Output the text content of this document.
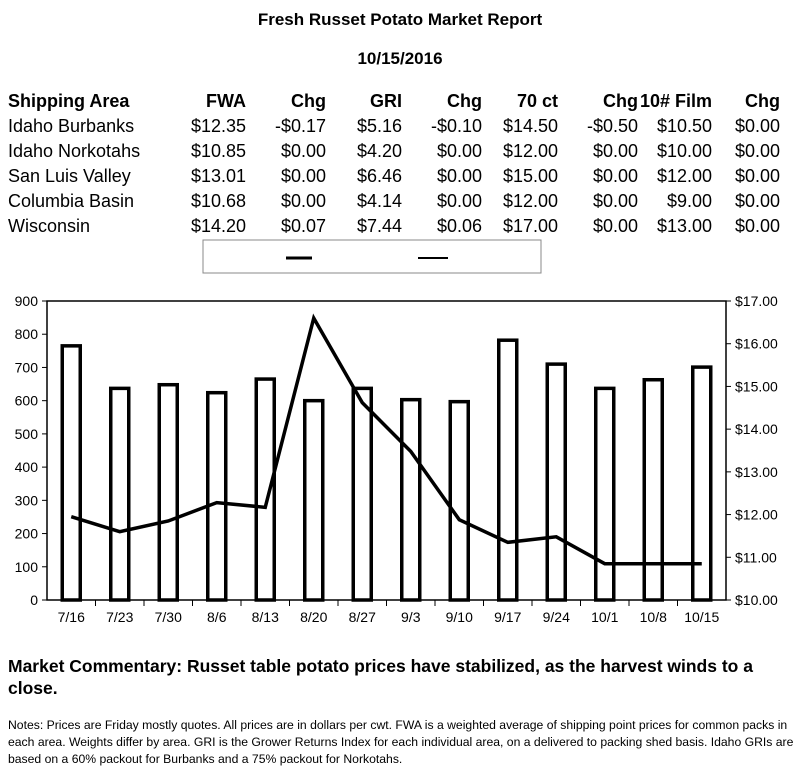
Fresh Russet Potato Market Report
10/15/2016
Shipping Area	FWA	Chg	GRI	Chg	70 ct	Chg	10# Film	Chg
Idaho Burbanks	$12.35	-$0.17	$5.16	-$0.10	$14.50	-$0.50	$10.50	$0.00
Idaho Norkotahs	$10.85	$0.00	$4.20	$0.00	$12.00	$0.00	$10.00	$0.00
San Luis Valley	$13.01	$0.00	$6.46	$0.00	$15.00	$0.00	$12.00	$0.00
Columbia Basin	$10.68	$0.00	$4.14	$0.00	$12.00	$0.00	$9.00	$0.00
Wisconsin	$14.20	$0.07	$7.44	$0.06	$17.00	$0.00	$13.00	$0.00
0
100
200
300
400
500
600
700
800
900
$10.00
$11.00
$12.00
$13.00
$14.00
$15.00
$16.00
$17.00
7/16 7/23 7/30 8/6 8/13 8/20 8/27 9/3 9/10 9/17 9/24 10/1 10/8 10/15
Market Commentary: Russet table potato prices have stabilized, as the harvest winds to a close.
Notes: Prices are Friday mostly quotes. All prices are in dollars per cwt. FWA is a weighted average of shipping point prices for common packs in each area. Weights differ by area. GRI is the Grower Returns Index for each individual area, on a delivered to packing shed basis. Idaho GRIs are based on a 60% packout for Burbanks and a 75% packout for Norkotahs.
